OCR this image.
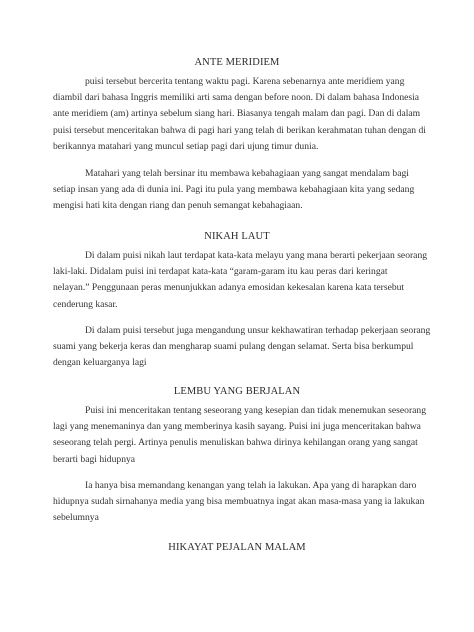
ANTE MERIDIEM
puisi tersebut bercerita tentang waktu pagi. Karena sebenarnya ante meridiem yang
diambil dari bahasa Inggris memiliki arti sama dengan before noon. Di dalam bahasa Indonesia
ante meridiem (am) artinya sebelum siang hari. Biasanya tengah malam dan pagi. Dan di dalam
puisi tersebut menceritakan bahwa di pagi hari yang telah di berikan kerahmatan tuhan dengan di
berikannya matahari yang muncul setiap pagi dari ujung timur dunia.
Matahari yang telah bersinar itu membawa kebahagiaan yang sangat mendalam bagi
setiap insan yang ada di dunia ini. Pagi itu pula yang membawa kebahagiaan kita yang sedang
mengisi hati kita dengan riang dan penuh semangat kebahagiaan.
NIKAH LAUT
Di dalam puisi nikah laut terdapat kata-kata melayu yang mana berarti pekerjaan seorang
laki-laki. Didalam puisi ini terdapat kata-kata “garam-garam itu kau peras dari keringat
nelayan.” Penggunaan peras menunjukkan adanya emosidan kekesalan karena kata tersebut
cenderung kasar.
Di dalam puisi tersebut juga mengandung unsur kekhawatiran terhadap pekerjaan seorang
suami yang bekerja keras dan mengharap suami pulang dengan selamat. Serta bisa berkumpul
dengan keluarganya lagi
LEMBU YANG BERJALAN
Puisi ini menceritakan tentang seseorang yang kesepian dan tidak menemukan seseorang
lagi yang menemaninya dan yang memberinya kasih sayang. Puisi ini juga menceritakan bahwa
seseorang telah pergi. Artinya penulis menuliskan bahwa dirinya kehilangan orang yang sangat
berarti bagi hidupnya
Ia hanya bisa memandang kenangan yang telah ia lakukan. Apa yang di harapkan daro
hidupnya sudah sirnahanya media yang bisa membuatnya ingat akan masa-masa yang ia lakukan
sebelumnya
HIKAYAT PEJALAN MALAM
